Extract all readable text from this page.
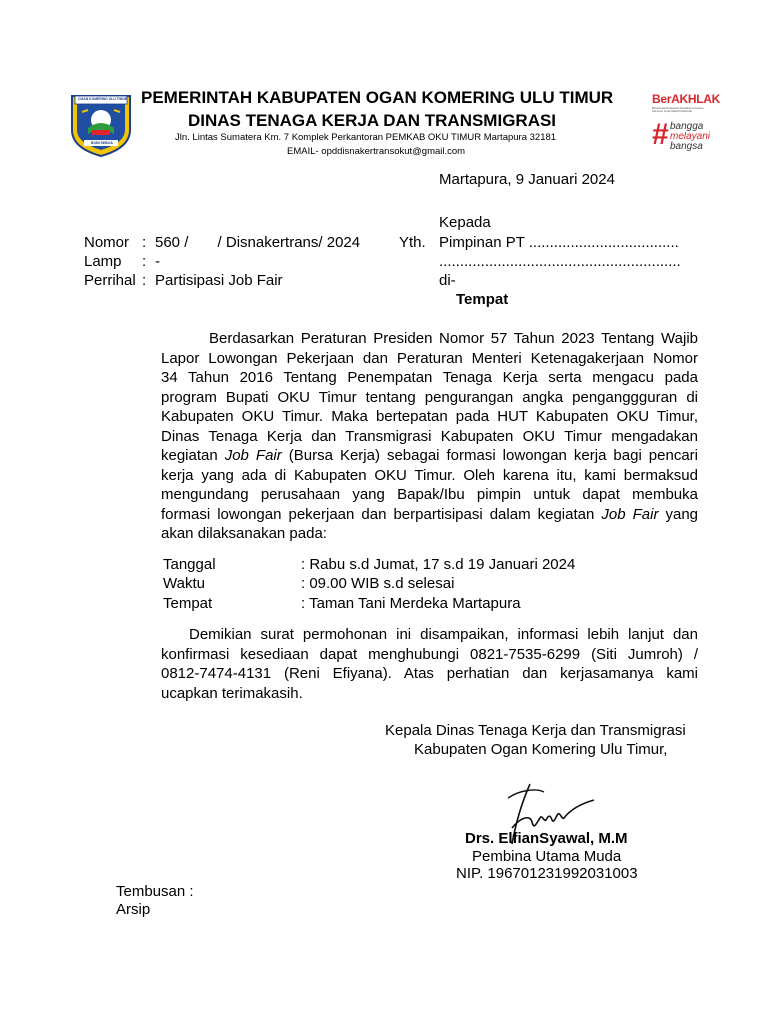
OGAN KOMERING ULU TIMUR
BUMI SEBIJA
PEMERINTAH KABUPATEN OGAN KOMERING ULU TIMUR
DINAS TENAGA KERJA DAN TRANSMIGRASI
Jln. Lintas Sumatera Km. 7 Komplek Perkantoran PEMKAB OKU TIMUR Martapura 32181
EMAIL- opddisnakertransokut@gmail.com
BerAKHLAK
Berorientasi Pelayanan Akuntabel Kompeten Harmonis Loyal Adaptif Kolaboratif
# bangga
melayani
bangsa
Martapura, 9 Januari 2024
Nomor : 560 /       / Disnakertrans/ 2024
Lamp : -
Perrihal : Partisipasi Job Fair
Kepada
Yth. Pimpinan PT ....................................
..........................................................
di-
Tempat
Berdasarkan Peraturan Presiden Nomor 57 Tahun 2023 Tentang Wajib
Lapor Lowongan Pekerjaan dan Peraturan Menteri Ketenagakerjaan Nomor
34 Tahun 2016 Tentang Penempatan Tenaga Kerja serta mengacu pada
program Bupati OKU Timur tentang pengurangan angka penganggguran di
Kabupaten OKU Timur. Maka bertepatan pada HUT Kabupaten OKU Timur,
Dinas Tenaga Kerja dan Transmigrasi Kabupaten OKU Timur mengadakan
kegiatan Job Fair (Bursa Kerja) sebagai formasi lowongan kerja bagi pencari
kerja yang ada di Kabupaten OKU Timur. Oleh karena itu, kami bermaksud
mengundang perusahaan yang Bapak/Ibu pimpin untuk dapat membuka
formasi lowongan pekerjaan dan berpartisipasi dalam kegiatan Job Fair yang
akan dilaksanakan pada:
Tanggal	: Rabu s.d Jumat, 17 s.d 19 Januari 2024
Waktu	: 09.00 WIB s.d selesai
Tempat	: Taman Tani Merdeka Martapura
Demikian surat permohonan ini disampaikan, informasi lebih lanjut dan
konfirmasi kesediaan dapat menghubungi 0821-7535-6299 (Siti Jumroh) /
0812-7474-4131 (Reni Efiyana). Atas perhatian dan kerjasamanya kami
ucapkan terimakasih.
Kepala Dinas Tenaga Kerja dan Transmigrasi
Kabupaten Ogan Komering Ulu Timur,
Drs. ElfianSyawal, M.M
Pembina Utama Muda
NIP. 196701231992031003
Tembusan :
Arsip
